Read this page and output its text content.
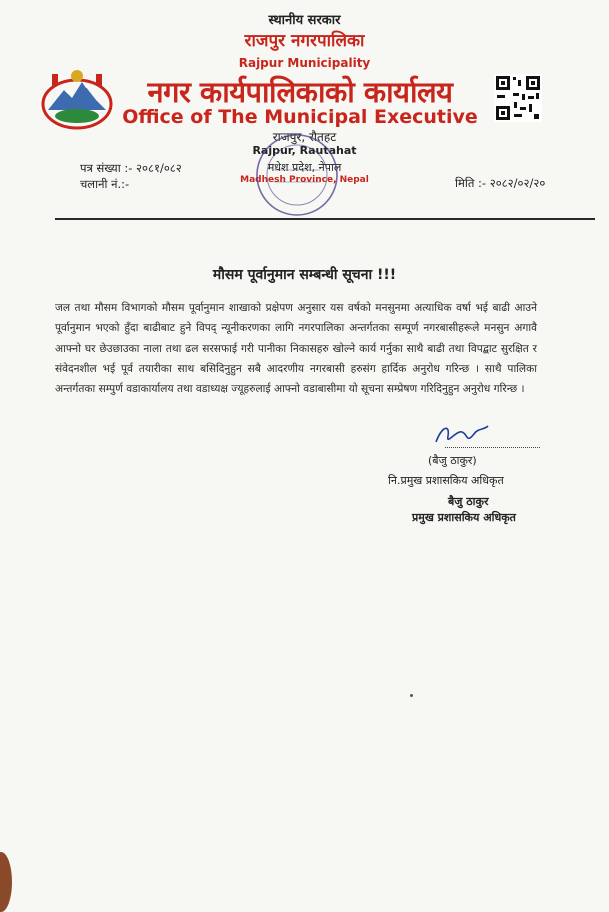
स्थानीय सरकार
राजपुर नगरपालिका
Rajpur Municipality
नगर कार्यपालिकाको कार्यालय
Office of The Municipal Executive
राजपुर, रौतहट
Rajpur, Rautahat
मधेश प्रदेश, नेपाल
Madhesh Province, Nepal
पत्र संख्या :- २०८१/०८२
चलानी नं.:-	मिति :- २०८२/०२/२०
मौसम पूर्वानुमान सम्बन्धी सूचना !!!
जल तथा मौसम विभागको मौसम पूर्वानुमान शाखाको प्रक्षेपण अनुसार यस वर्षको मनसुनमा अत्याधिक वर्षा भई बाढी आउने पूर्वानुमान भएको हुँदा बाढीबाट हुने विपद् न्यूनीकरणका लागि नगरपालिका अन्तर्गतका सम्पूर्ण नगरबासीहरूले मनसुन अगावै आफ्नो घर छेउछाउका नाला तथा ढल सरसफाई गरी पानीका निकासहरु खोल्ने कार्य गर्नुका साथै बाढी तथा विपद्बाट सुरक्षित र संवेदनशील भई पूर्व तयारीका साथ बसिदिनुहुन सबै आदरणीय नगरबासी हरुसंग हार्दिक अनुरोध गरिन्छ । साथै पालिका अन्तर्गतका सम्पुर्ण वडाकार्यालय तथा वडाध्यक्ष ज्यूहरुलाई आफ्नो वडाबासीमा यो सूचना सम्प्रेषण गरिदिनुहुन अनुरोध गरिन्छ ।
(बैजु ठाकुर)
नि.प्रमुख प्रशासकिय अधिकृत
बैजु ठाकुर
प्रमुख प्रशासकिय अधिकृत
